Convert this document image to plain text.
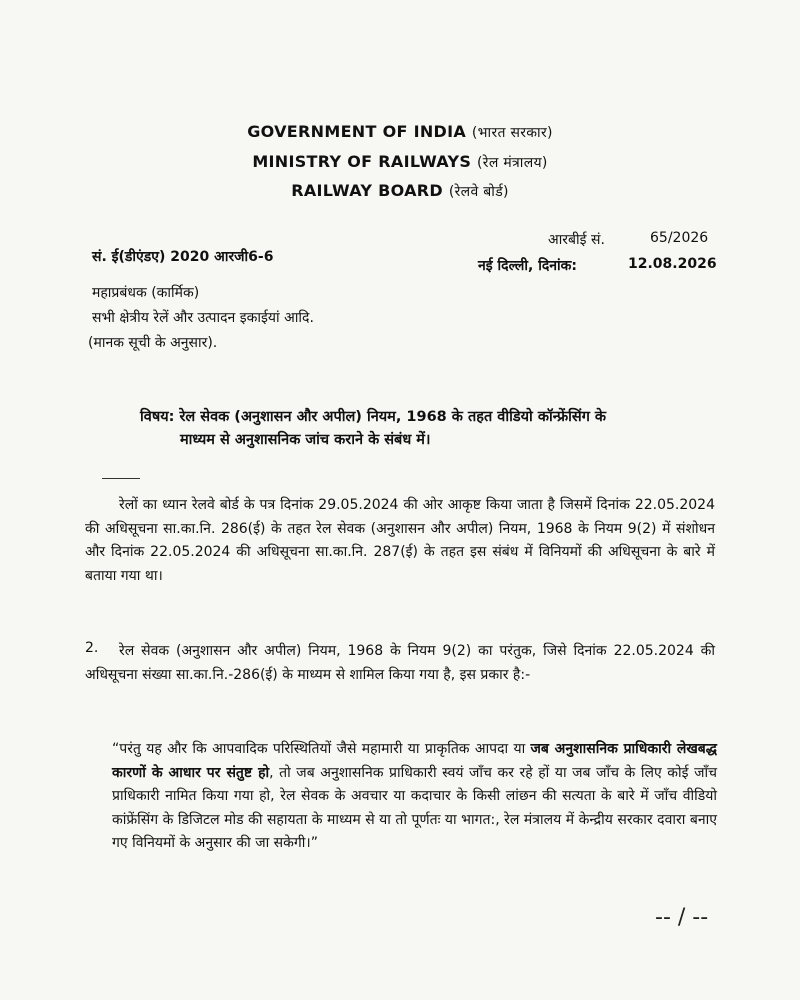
GOVERNMENT OF INDIA (भारत सरकार)
MINISTRY OF RAILWAYS (रेल मंत्रालय)
RAILWAY BOARD (रेलवे बोर्ड)
आरबीई सं.	65/2026
सं. ई(डीएंडए) 2020 आरजी6-6
नई दिल्ली, दिनांक:	12.08.2026
महाप्रबंधक (कार्मिक)
सभी क्षेत्रीय रेलें और उत्पादन इकाईयां आदि.
(मानक सूची के अनुसार).
विषय: रेल सेवक (अनुशासन और अपील) नियम, 1968 के तहत वीडियो कॉन्फ्रेंसिंग के
माध्यम से अनुशासनिक जांच कराने के संबंध में।
रेलों का ध्यान रेलवे बोर्ड के पत्र दिनांक 29.05.2024 की ओर आकृष्ट किया जाता है जिसमें दिनांक 22.05.2024 की अधिसूचना सा.का.नि. 286(ई) के तहत रेल सेवक (अनुशासन और अपील) नियम, 1968 के नियम 9(2) में संशोधन और दिनांक 22.05.2024 की अधिसूचना सा.का.नि. 287(ई) के तहत इस संबंध में विनियमों की अधिसूचना के बारे में बताया गया था।
2.	रेल सेवक (अनुशासन और अपील) नियम, 1968 के नियम 9(2) का परंतुक, जिसे दिनांक 22.05.2024 की अधिसूचना संख्या सा.का.नि.-286(ई) के माध्यम से शामिल किया गया है, इस प्रकार है:-
“परंतु यह और कि आपवादिक परिस्थितियों जैसे महामारी या प्राकृतिक आपदा या जब अनुशासनिक प्राधिकारी लेखबद्ध कारणों के आधार पर संतुष्ट हो, तो जब अनुशासनिक प्राधिकारी स्वयं जाँच कर रहे हों या जब जाँच के लिए कोई जाँच प्राधिकारी नामित किया गया हो, रेल सेवक के अवचार या कदाचार के किसी लांछन की सत्यता के बारे में जाँच वीडियो कांफ्रेंसिंग के डिजिटल मोड की सहायता के माध्यम से या तो पूर्णतः या भागत:, रेल मंत्रालय में केन्द्रीय सरकार दवारा बनाए गए विनियमों के अनुसार की जा सकेगी।”
-- / --
